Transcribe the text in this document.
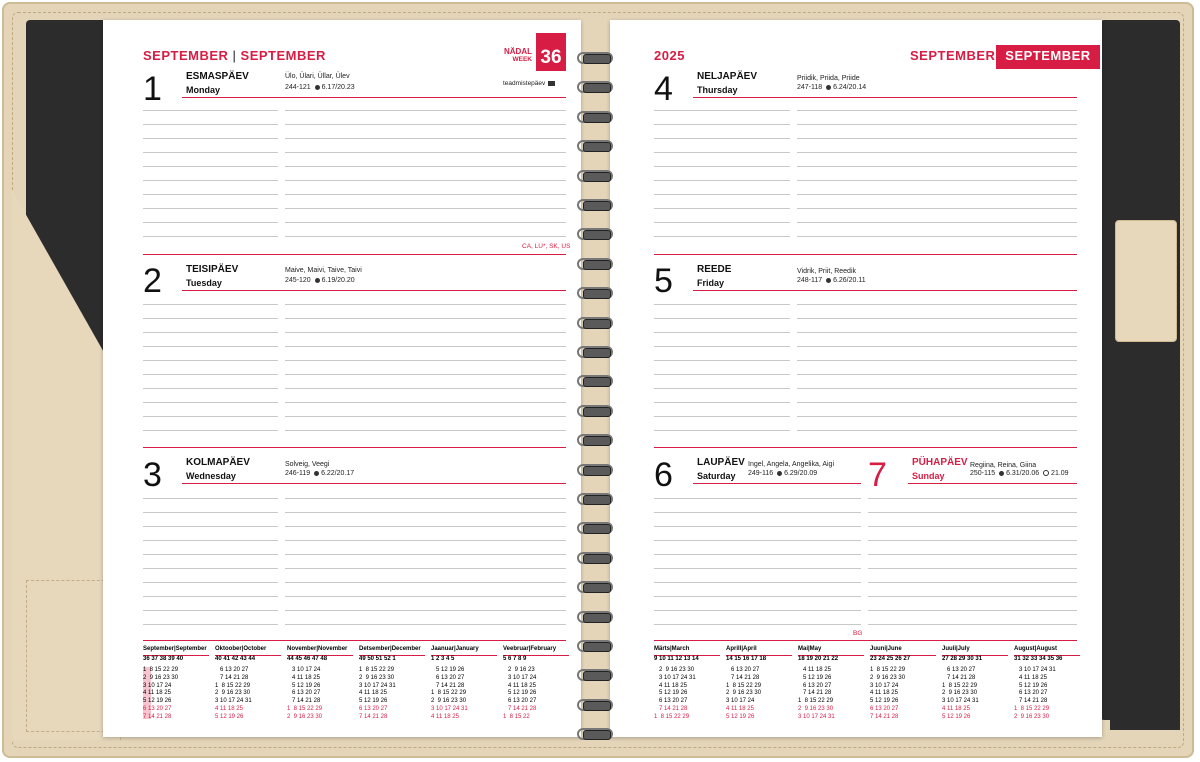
SEPTEMBER | SEPTEMBER	NÄDAL
WEEK 36
1 ESMASPÄEV
Monday
Ülo, Ülari, Üllar, Ülev
244-121 6.17/20.23
teadmistepäev
CA, LU*, SK, US
2 TEISIPÄEV
Tuesday
Maive, Maivi, Taive, Taivi
245-120 6.19/20.20
3 KOLMAPÄEV
Wednesday
Solveig, Veegi
246-119 6.22/20.17
September|September
36 37 38 39 40
1  8 15 22 29
2  9 16 23 30
3 10 17 24
4 11 18 25
5 12 19 26
6 13 20 27
7 14 21 28
Oktoober|October
40 41 42 43 44
6 13 20 27
7 14 21 28
1  8 15 22 29
2  9 16 23 30
3 10 17 24 31
4 11 18 25
5 12 19 26
November|November
44 45 46 47 48
3 10 17 24
4 11 18 25
5 12 19 26
6 13 20 27
7 14 21 28
1  8 15 22 29
2  9 16 23 30
Detsember|December
49 50 51 52 1
1  8 15 22 29
2  9 16 23 30
3 10 17 24 31
4 11 18 25
5 12 19 26
6 13 20 27
7 14 21 28
Jaanuar|January
1 2 3 4 5
5 12 19 26
6 13 20 27
7 14 21 28
1  8 15 22 29
2  9 16 23 30
3 10 17 24 31
4 11 18 25
Veebruar|February
5 6 7 8 9
2  9 16 23
3 10 17 24
4 11 18 25
5 12 19 26
6 13 20 27
7 14 21 28
1  8 15 22
2025	SEPTEMBER SEPTEMBER
4 NELJAPÄEV
Thursday
Priidik, Priida, Priide
247-118 6.24/20.14
5 REEDE
Friday
Vidrik, Priit, Reedik
248-117 6.26/20.11
6 LAUPÄEV
Saturday
Ingel, Angela, Angelika, Aigi
249-116 6.29/20.09
BG
7	PÜHAPÄEV
Sunday
Regiina, Reina, Giina
250-115 6.31/20.06 21.09
Märts|March
9 10 11 12 13 14
2  9 16 23 30
3 10 17 24 31
4 11 18 25
5 12 19 26
6 13 20 27
7 14 21 28
1  8 15 22 29
Aprill|April
14 15 16 17 18
6 13 20 27
7 14 21 28
1  8 15 22 29
2  9 16 23 30
3 10 17 24
4 11 18 25
5 12 19 26
Mai|May
18 19 20 21 22
4 11 18 25
5 12 19 26
6 13 20 27
7 14 21 28
1  8 15 22 29
2  9 16 23 30
3 10 17 24 31
Juuni|June
23 24 25 26 27
1  8 15 22 29
2  9 16 23 30
3 10 17 24
4 11 18 25
5 12 19 26
6 13 20 27
7 14 21 28
Juuli|July
27 28 29 30 31
6 13 20 27
7 14 21 28
1  8 15 22 29
2  9 16 23 30
3 10 17 24 31
4 11 18 25
5 12 19 26
August|August
31 32 33 34 35 36
3 10 17 24 31
4 11 18 25
5 12 19 26
6 13 20 27
7 14 21 28
1  8 15 22 29
2  9 16 23 30
